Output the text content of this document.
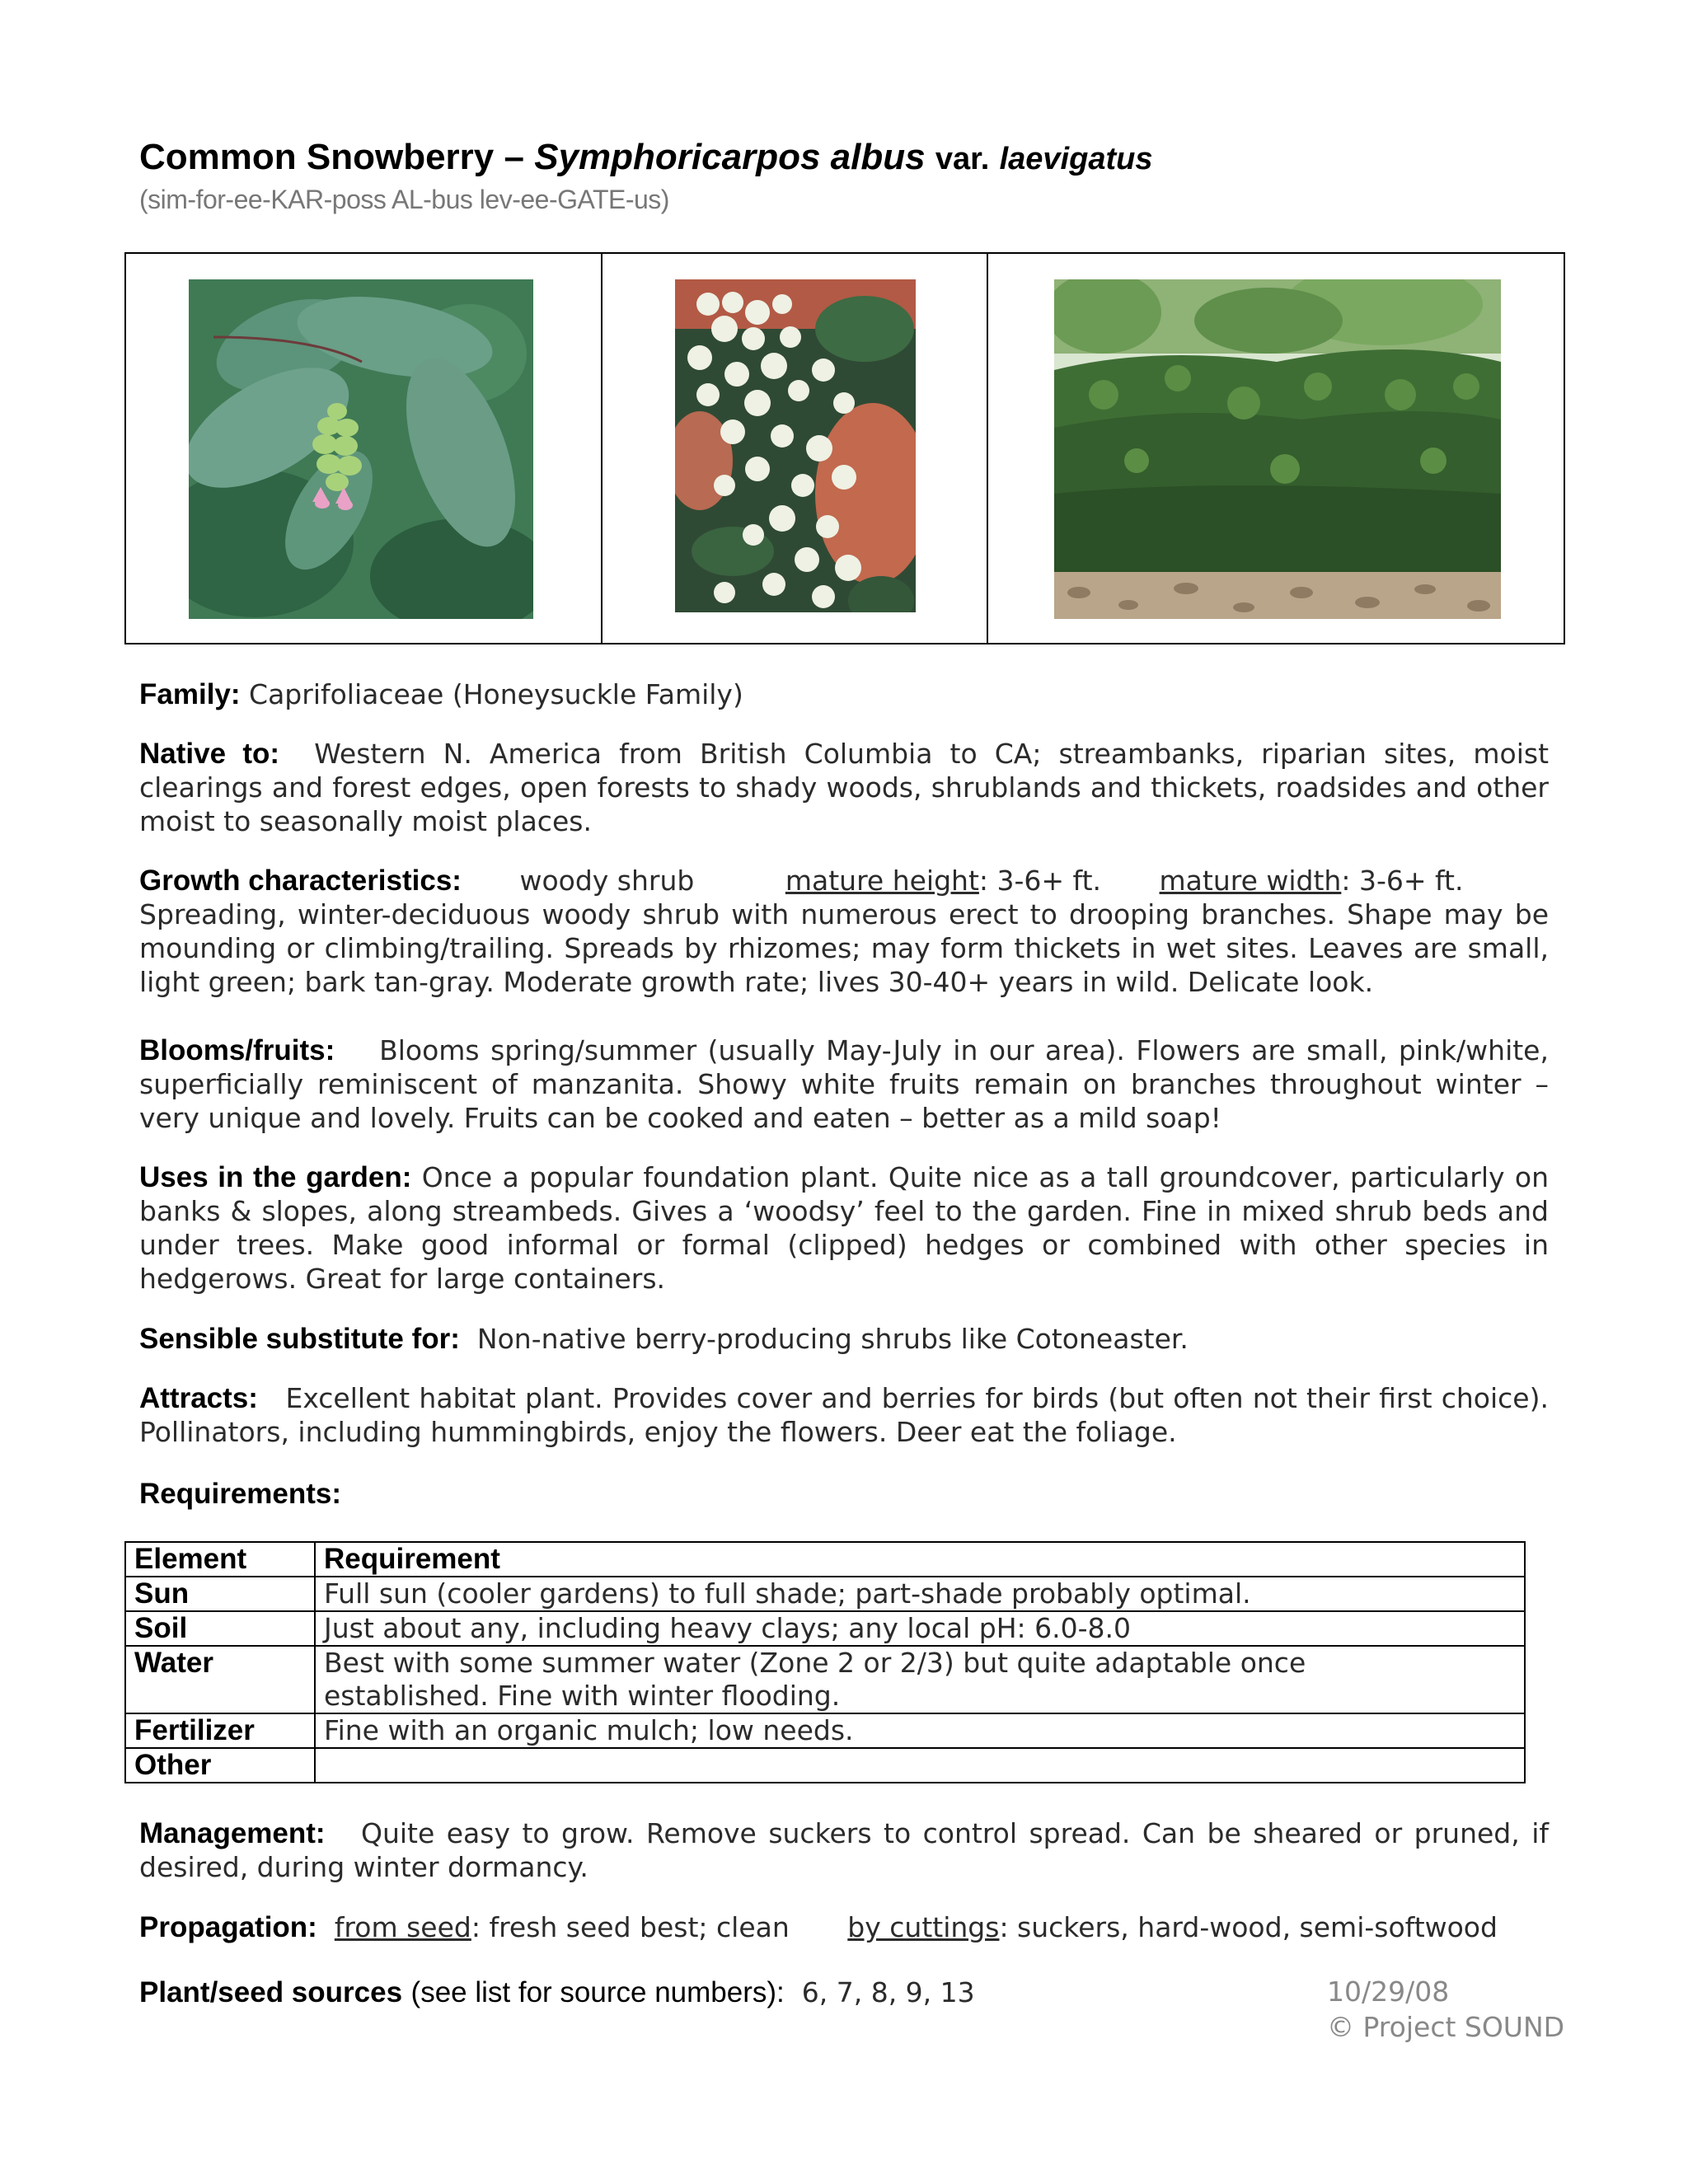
Common Snowberry – Symphoricarpos albus var. laevigatus
(sim-for-ee-KAR-poss AL-bus lev-ee-GATE-us)
Family: Caprifoliaceae (Honeysuckle Family)
Native to: Western N. America from British Columbia to CA; streambanks, riparian sites, moist clearings and forest edges, open forests to shady woods, shrublands and thickets, roadsides and other moist to seasonally moist places.
Growth characteristics: woody shrub	mature height: 3-6+ ft. mature width: 3-6+ ft.
Spreading, winter-deciduous woody shrub with numerous erect to drooping branches. Shape may be mounding or climbing/trailing. Spreads by rhizomes; may form thickets in wet sites. Leaves are small, light green; bark tan-gray. Moderate growth rate; lives 30-40+ years in wild. Delicate look.
Blooms/fruits: Blooms spring/summer (usually May-July in our area). Flowers are small, pink/white, superficially reminiscent of manzanita. Showy white fruits remain on branches throughout winter – very unique and lovely. Fruits can be cooked and eaten – better as a mild soap!
Uses in the garden: Once a popular foundation plant. Quite nice as a tall groundcover, particularly on banks & slopes, along streambeds. Gives a ‘woodsy’ feel to the garden. Fine in mixed shrub beds and under trees. Make good informal or formal (clipped) hedges or combined with other species in hedgerows. Great for large containers.
Sensible substitute for: Non-native berry-producing shrubs like Cotoneaster.
Attracts: Excellent habitat plant. Provides cover and berries for birds (but often not their first choice). Pollinators, including hummingbirds, enjoy the flowers. Deer eat the foliage.
Requirements:
Element	Requirement
Sun	Full sun (cooler gardens) to full shade; part-shade probably optimal.
Soil	Just about any, including heavy clays; any local pH: 6.0-8.0
Water	Best with some summer water (Zone 2 or 2/3) but quite adaptable once established. Fine with winter flooding.
Fertilizer	Fine with an organic mulch; low needs.
Other	
Management: Quite easy to grow. Remove suckers to control spread. Can be sheared or pruned, if desired, during winter dormancy.
Propagation: from seed: fresh seed best; clean by cuttings: suckers, hard-wood, semi-softwood
Plant/seed sources (see list for source numbers): 6, 7, 8, 9, 13	10/29/08
© Project SOUND
